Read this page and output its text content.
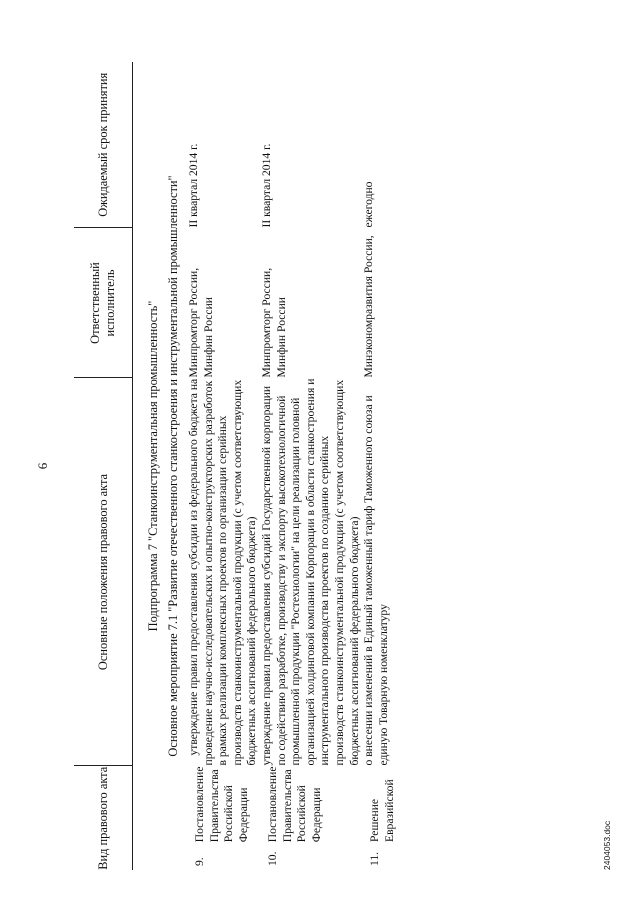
6
Вид правового акта	Основные положения правового акта	Ответственный исполнитель	Ожидаемый срок принятия
Подпрограмма 7 "Станкоинструментальная промышленность"			
Основное мероприятие 7.1 "Развитие отечественного станкостроения и инструментальной промышленности"			

9.
Постановление Правительства Российской Федерации	утверждение правил предоставления субсидии из федерального бюджета на проведение научно-исследовательских и опытно-конструкторских разработок в рамках реализации комплексных проектов по организации серийных производств станкоинструментальной продукции (с учетом соответствующих бюджетных ассигнований федерального бюджета)	Минпромторг России, Минфин России	II квартал 2014 г.

10.
Постановление Правительства Российской Федерации	утверждение правил предоставления субсидий Государственной корпорации по содействию разработке, производству и экспорту высокотехнологичной промышленной продукции "Ростехнологии" на цели реализации головной организацией холдинговой компании Корпорации в области станкостроения и инструментального производства проектов по созданию серийных производств станкоинструментальной продукции (с учетом соответствующих бюджетных ассигнований федерального бюджета)	Минпромторг России, Минфин России	II квартал 2014 г.

11.
Решение Евразийской	о внесении изменений в Единый таможенный тариф Таможенного союза и единую Товарную номенклатуру	Минэкономразвития России,	ежегодно
2404053.doc
